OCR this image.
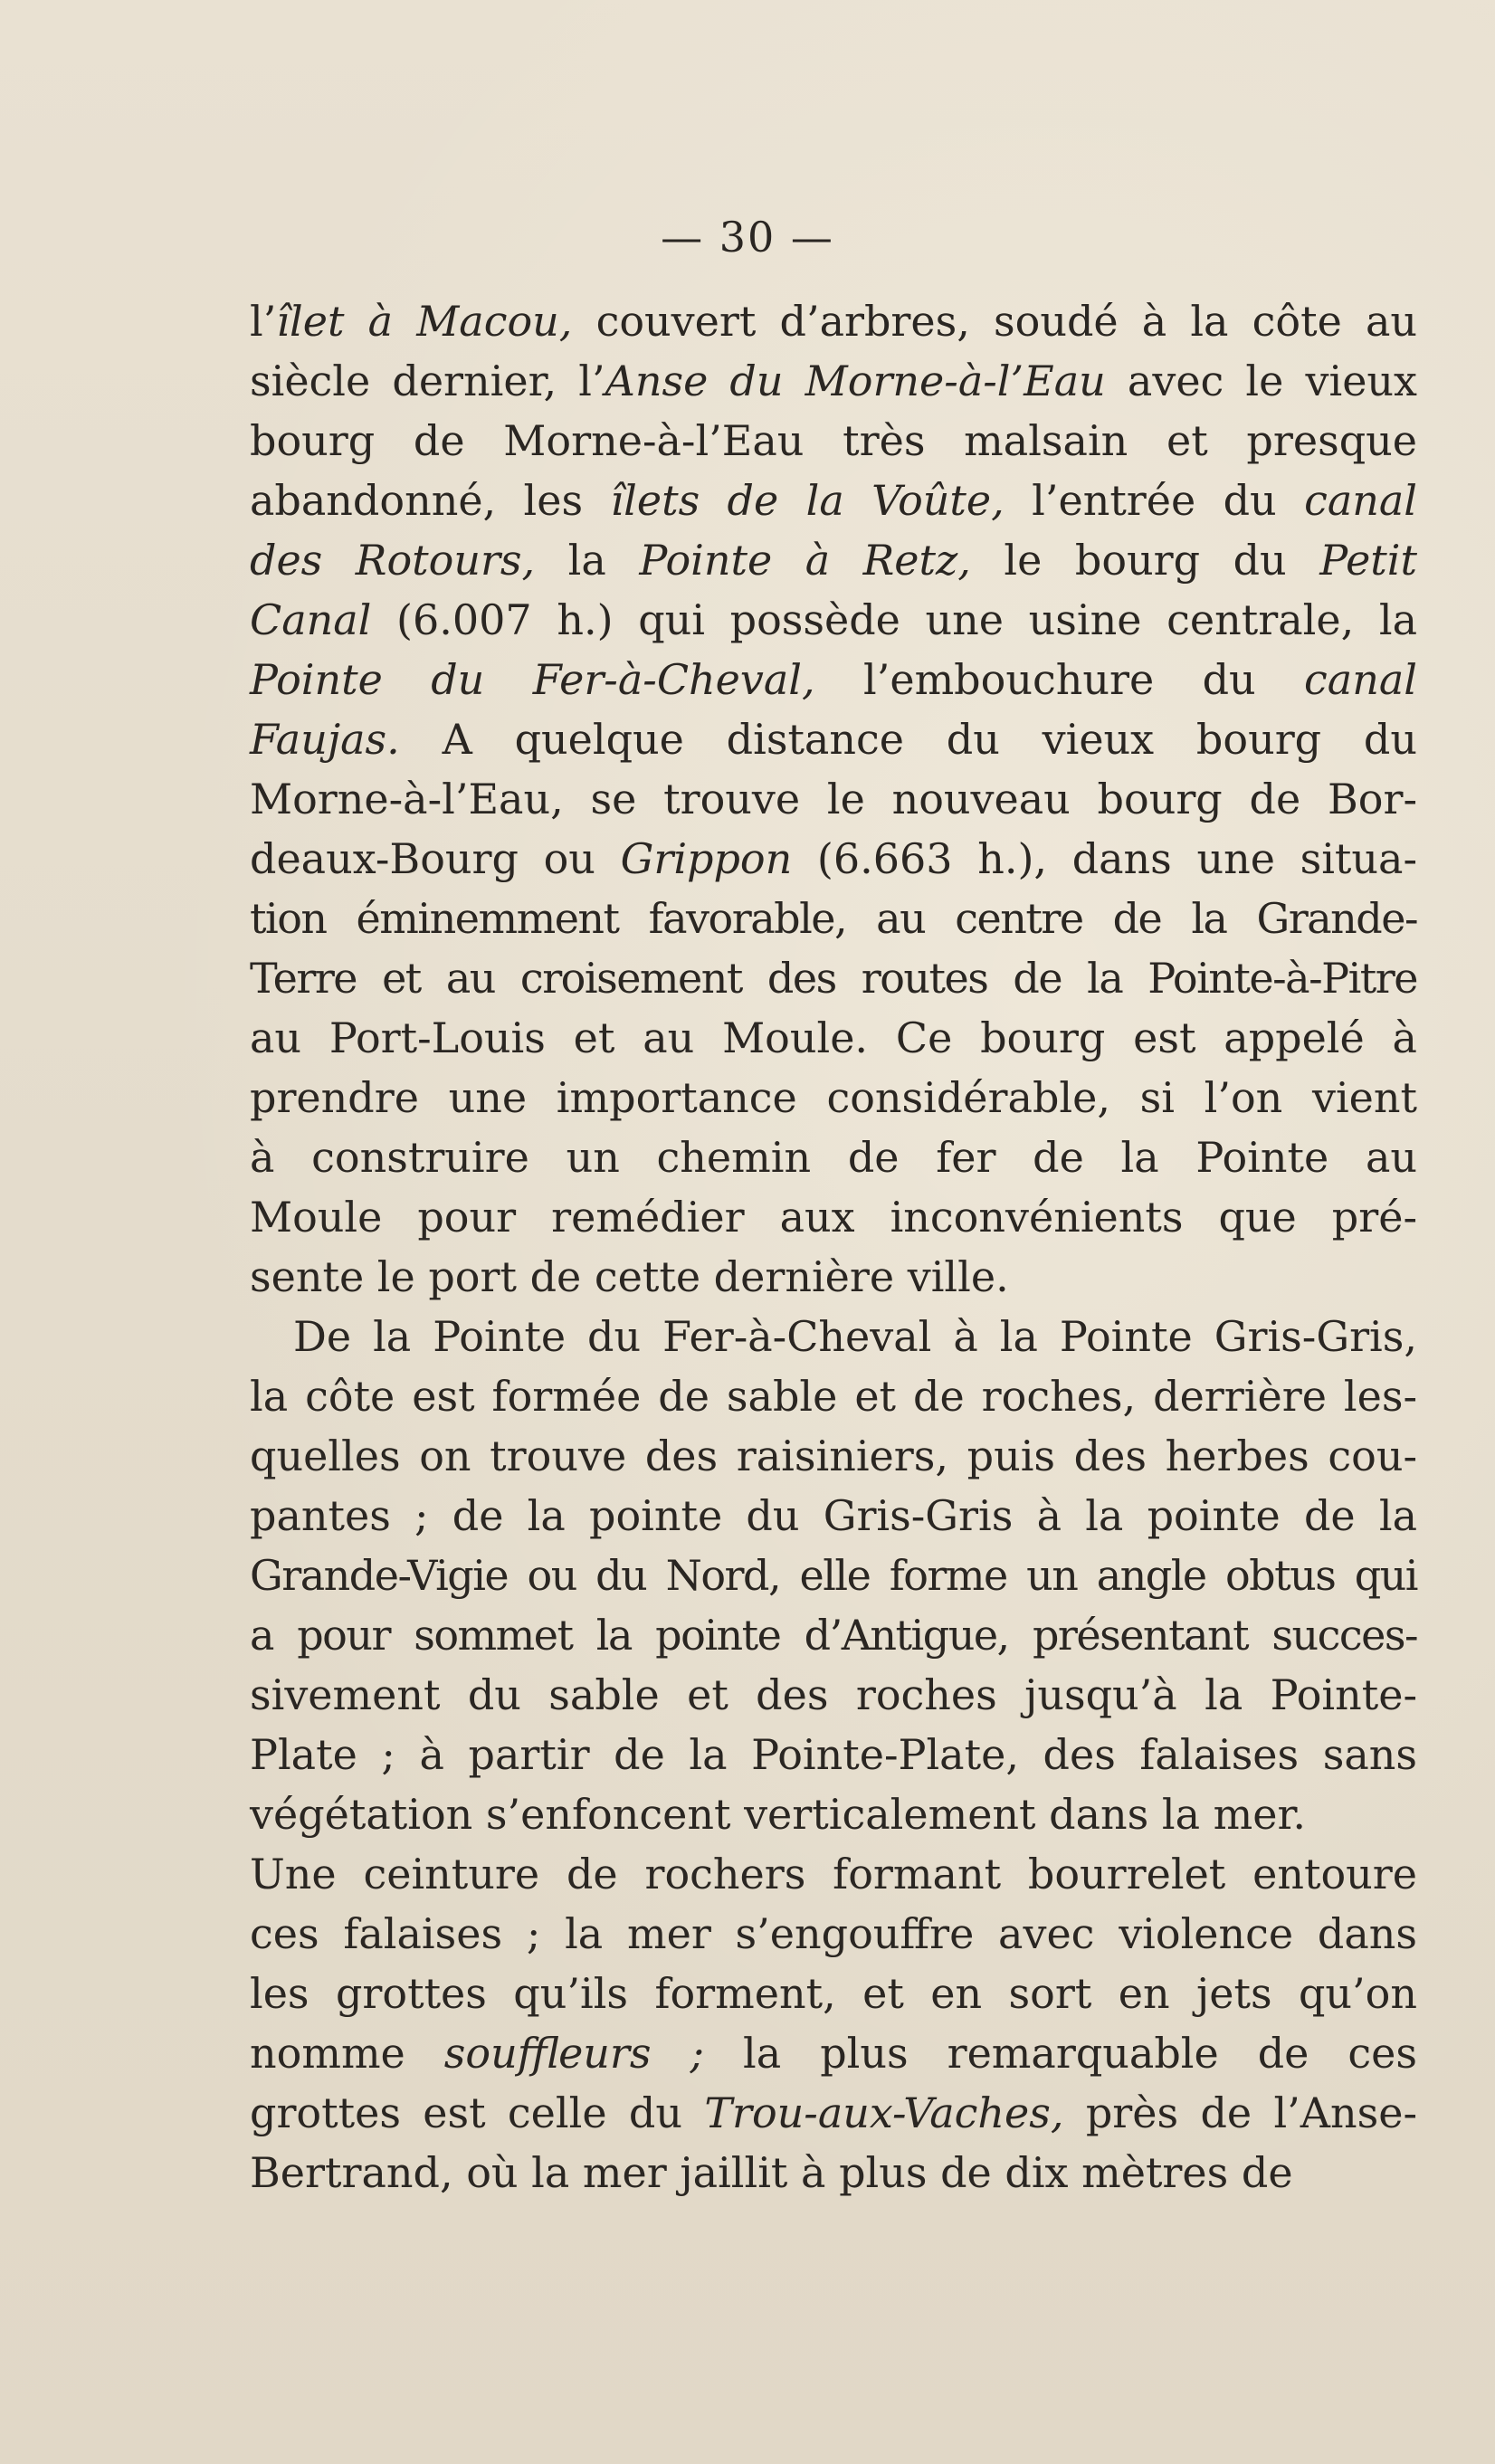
— 30 —
l’îlet à Macou, couvert d’arbres, soudé à la côte au
siècle dernier, l’Anse du Morne-à-l’Eau avec le vieux
bourg de Morne-à-l’Eau très malsain et presque
abandonné, les îlets de la Voûte, l’entrée du canal
des Rotours, la Pointe à Retz, le bourg du Petit
Canal (6.007 h.) qui possède une usine centrale, la
Pointe du Fer-à-Cheval, l’embouchure du canal
Faujas. A quelque distance du vieux bourg du
Morne-à-l’Eau, se trouve le nouveau bourg de Bor-
deaux-Bourg ou Grippon (6.663 h.), dans une situa-
tion éminemment favorable, au centre de la Grande-
Terre et au croisement des routes de la Pointe-à-Pitre
au Port-Louis et au Moule. Ce bourg est appelé à
prendre une importance considérable, si l’on vient
à construire un chemin de fer de la Pointe au
Moule pour remédier aux inconvénients que pré-
sente le port de cette dernière ville.
De la Pointe du Fer-à-Cheval à la Pointe Gris-Gris,
la côte est formée de sable et de roches, derrière les-
quelles on trouve des raisiniers, puis des herbes cou-
pantes ; de la pointe du Gris-Gris à la pointe de la
Grande-Vigie ou du Nord, elle forme un angle obtus qui
a pour sommet la pointe d’Antigue, présentant succes-
sivement du sable et des roches jusqu’à la Pointe-
Plate ; à partir de la Pointe-Plate, des falaises sans
végétation s’enfoncent verticalement dans la mer.
Une ceinture de rochers formant bourrelet entoure
ces falaises ; la mer s’engouffre avec violence dans
les grottes qu’ils forment, et en sort en jets qu’on
nomme souffleurs ; la plus remarquable de ces
grottes est celle du Trou-aux-Vaches, près de l’Anse-
Bertrand, où la mer jaillit à plus de dix mètres de
